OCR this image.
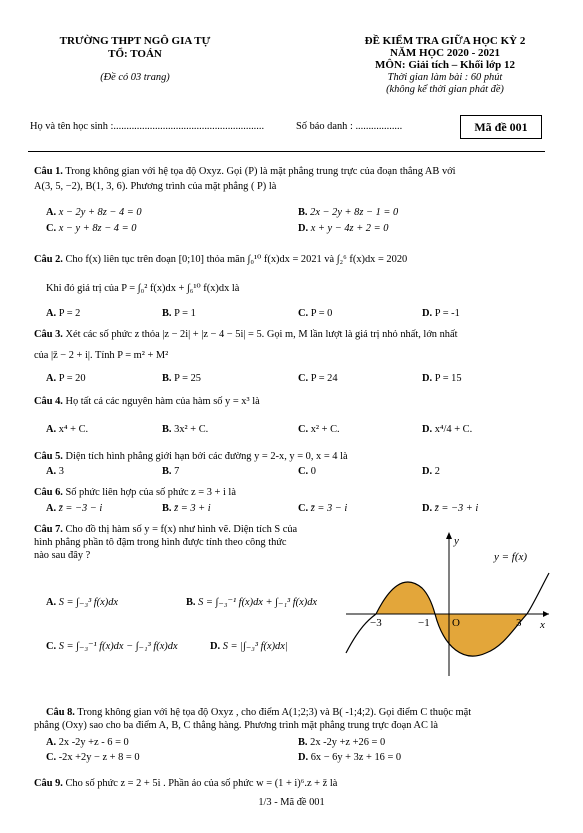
TRƯỜNG THPT NGÔ GIA TỰ
TỔ: TOÁN
(Đề có 03 trang)
ĐỀ KIỂM TRA GIỮA HỌC KỲ 2
NĂM HỌC 2020 - 2021
MÔN: Giải tích – Khối lớp 12
Thời gian làm bài : 60 phút
(không kể thời gian phát đề)
Họ và tên học sinh :..........................................................	Số báo danh : ..................	Mã đề 001
Câu 1. Trong không gian với hệ tọa độ Oxyz. Gọi (P) là mặt phẳng trung trực của đoạn thẳng AB với
A(3, 5, −2), B(1, 3, 6). Phương trình của mặt phẳng ( P) là
A. x − 2y + 8z − 4 = 0	B. 2x − 2y + 8z − 1 = 0
C. x − y + 8z − 4 = 0	D. x + y − 4z + 2 = 0
Câu 2. Cho f(x) liên tục trên đoạn [0;10] thỏa mãn ∫₀¹⁰ f(x)dx = 2021 và ∫₂⁶ f(x)dx = 2020
Khi đó giá trị của P = ∫₀² f(x)dx + ∫₆¹⁰ f(x)dx là
A. P = 2	B. P = 1	C. P = 0	D. P = -1
Câu 3. Xét các số phức z thỏa |z − 2i| + |z − 4 − 5i| = 5. Gọi m, M lần lượt là giá trị nhỏ nhất, lớn nhất
của |z̄ − 2 + i|. Tính P = m² + M²
A. P = 20	B. P = 25	C. P = 24	D. P = 15
Câu 4. Họ tất cả các nguyên hàm của hàm số y = x³ là
A. x⁴ + C.	B. 3x² + C.	C. x² + C.	D. x⁴/4 + C.
Câu 5. Diện tích hình phẳng giới hạn bởi các đường y = 2-x, y = 0, x = 4 là
A. 3	B. 7	C. 0	D. 2
Câu 6. Số phức liên hợp của số phức z = 3 + i là
A. z̄ = −3 − i	B. z̄ = 3 + i	C. z̄ = 3 − i	D. z̄ = −3 + i
Câu 7. Cho đồ thị hàm số y = f(x) như hình vẽ. Diện tích S của
hình phẳng phần tô đậm trong hình được tính theo công thức
nào sau đây ?
A. S = ∫₋₃³ f(x)dx	B. S = ∫₋₃⁻¹ f(x)dx + ∫₋₁³ f(x)dx
C. S = ∫₋₃⁻¹ f(x)dx − ∫₋₁³ f(x)dx	D. S = |∫₋₃³ f(x)dx|
y
y = f(x)
x
O
−3	−1	3
Câu 8. Trong không gian với hệ tọa độ Oxyz , cho điểm A(1;2;3) và B( -1;4;2). Gọi điểm C thuộc mặt
phẳng (Oxy) sao cho ba điểm A, B, C thẳng hàng. Phương trình mặt phẳng trung trực đoạn AC là
A. 2x -2y +z - 6 = 0	B. 2x -2y +z +26 = 0
C. -2x +2y − z + 8 = 0	D. 6x − 6y + 3z + 16 = 0
Câu 9. Cho số phức z = 2 + 5i . Phần ảo của số phức w = (1 + i)⁶.z + z̄ là
1/3 - Mã đề 001
